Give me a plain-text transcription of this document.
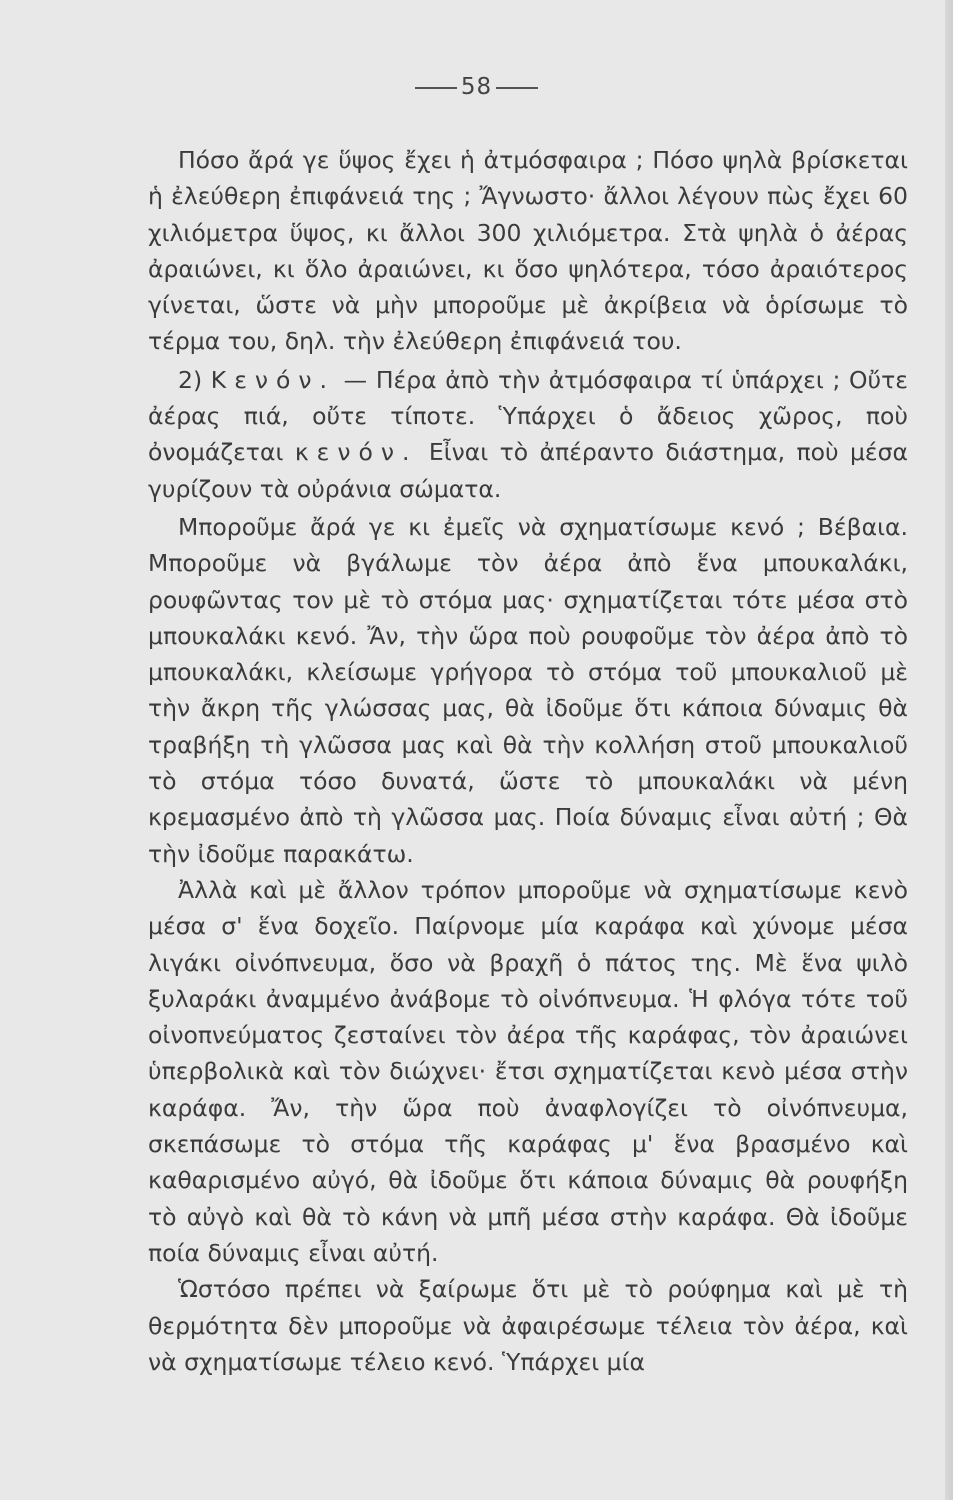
58

Πόσο ἄρά γε ὕψος ἔχει ἡ ἀτμόσφαιρα ; Πόσο ψηλὰ βρίσκεται ἡ ἐλεύθερη ἐπιφάνειά της ; Ἄγνωστο· ἄλλοι λέγουν πὼς ἔχει 60 χιλιόμετρα ὕψος, κι ἄλλοι 300 χιλιόμετρα. Στὰ ψηλὰ ὁ ἀέρας ἀραιώνει, κι ὅλο ἀραιώνει, κι ὅσο ψηλότερα, τόσο ἀραιότερος γίνεται, ὥστε νὰ μὴν μποροῦμε μὲ ἀκρίβεια νὰ ὁρίσωμε τὸ τέρμα του, δηλ. τὴν ἐλεύθερη ἐπιφάνειά του.

2) Κενόν. — Πέρα ἀπὸ τὴν ἀτμόσφαιρα τί ὑπάρχει ; Οὔτε ἀέρας πιά, οὔτε τίποτε. Ὑπάρχει ὁ ἄδειος χῶρος, ποὺ ὀνομάζεται κενόν. Εἶναι τὸ ἀπέραντο διάστημα, ποὺ μέσα γυρίζουν τὰ οὐράνια σώματα.

Μποροῦμε ἄρά γε κι ἐμεῖς νὰ σχηματίσωμε κενό ; Βέβαια. Μποροῦμε νὰ βγάλωμε τὸν ἀέρα ἀπὸ ἕνα μπουκαλάκι, ρουφῶντας τον μὲ τὸ στόμα μας· σχηματίζεται τότε μέσα στὸ μπουκαλάκι κενό. Ἄν, τὴν ὥρα ποὺ ρουφοῦμε τὸν ἀέρα ἀπὸ τὸ μπουκαλάκι, κλείσωμε γρήγορα τὸ στόμα τοῦ μπουκαλιοῦ μὲ τὴν ἄκρη τῆς γλώσσας μας, θὰ ἰδοῦμε ὅτι κάποια δύναμις θὰ τραβήξη τὴ γλῶσσα μας καὶ θὰ τὴν κολλήση στοῦ μπουκαλιοῦ τὸ στόμα τόσο δυνατά, ὥστε τὸ μπουκαλάκι νὰ μένη κρεμασμένο ἀπὸ τὴ γλῶσσα μας. Ποία δύναμις εἶναι αὐτή ; Θὰ τὴν ἰδοῦμε παρακάτω.

Ἀλλὰ καὶ μὲ ἄλλον τρόπον μποροῦμε νὰ σχηματίσωμε κενὸ μέσα σ' ἕνα δοχεῖο. Παίρνομε μία καράφα καὶ χύνομε μέσα λιγάκι οἰνόπνευμα, ὅσο νὰ βραχῆ ὁ πάτος της. Μὲ ἕνα ψιλὸ ξυλαράκι ἀναμμένο ἀνάβομε τὸ οἰνόπνευμα. Ἡ φλόγα τότε τοῦ οἰνοπνεύματος ζεσταίνει τὸν ἀέρα τῆς καράφας, τὸν ἀραιώνει ὑπερβολικὰ καὶ τὸν διώχνει· ἔτσι σχηματίζεται κενὸ μέσα στὴν καράφα. Ἄν, τὴν ὥρα ποὺ ἀναφλογίζει τὸ οἰνόπνευμα, σκεπάσωμε τὸ στόμα τῆς καράφας μ' ἕνα βρασμένο καὶ καθαρισμένο αὐγό, θὰ ἰδοῦμε ὅτι κάποια δύναμις θὰ ρουφήξη τὸ αὐγὸ καὶ θὰ τὸ κάνη νὰ μπῆ μέσα στὴν καράφα. Θὰ ἰδοῦμε ποία δύναμις εἶναι αὐτή.

Ὡστόσο πρέπει νὰ ξαίρωμε ὅτι μὲ τὸ ρούφημα καὶ μὲ τὴ θερμότητα δὲν μποροῦμε νὰ ἀφαιρέσωμε τέλεια τὸν ἀέρα, καὶ νὰ σχηματίσωμε τέλειο κενό. Ὑπάρχει μία
